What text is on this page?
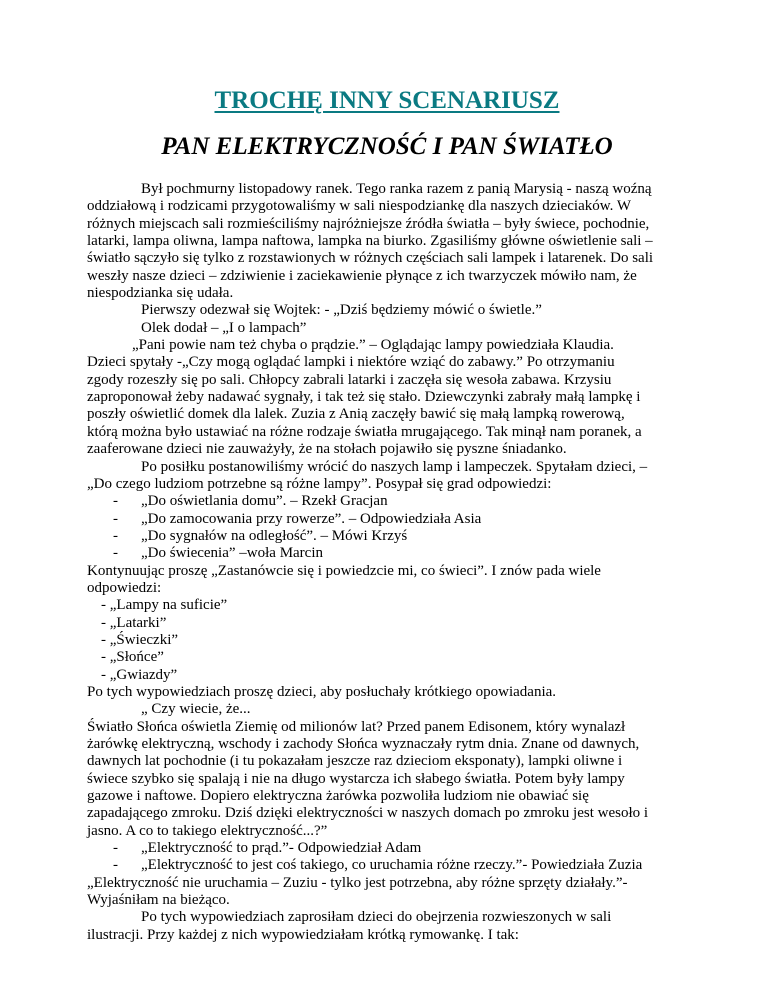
TROCHĘ INNY SCENARIUSZ
PAN ELEKTRYCZNOŚĆ I PAN ŚWIATŁO
Był pochmurny listopadowy ranek. Tego ranka razem z panią Marysią - naszą woźną
oddziałową i rodzicami przygotowaliśmy w sali niespodziankę dla naszych dzieciaków. W
różnych miejscach sali rozmieściliśmy najróżniejsze źródła światła – były świece, pochodnie,
latarki, lampa oliwna, lampa naftowa, lampka na biurko. Zgasiliśmy główne oświetlenie sali –
światło sączyło się tylko z rozstawionych w różnych częściach sali lampek i latarenek. Do sali
weszły nasze dzieci – zdziwienie i zaciekawienie płynące z ich twarzyczek mówiło nam, że
niespodzianka się udała.
Pierwszy odezwał się Wojtek: - „Dziś będziemy mówić o świetle.”
Olek dodał – „I o lampach”
„Pani powie nam też chyba o prądzie.” – Oglądając lampy powiedziała Klaudia.
Dzieci spytały -„Czy mogą oglądać lampki i niektóre wziąć do zabawy.” Po otrzymaniu
zgody rozeszły się po sali. Chłopcy zabrali latarki i zaczęła się wesoła zabawa. Krzysiu
zaproponował żeby nadawać sygnały, i tak też się stało. Dziewczynki zabrały małą lampkę i
poszły oświetlić domek dla lalek. Zuzia z Anią zaczęły bawić się małą lampką rowerową,
którą można było ustawiać na różne rodzaje światła mrugającego. Tak minął nam poranek, a
zaaferowane dzieci nie zauważyły, że na stołach pojawiło się pyszne śniadanko.
Po posiłku postanowiliśmy wrócić do naszych lamp i lampeczek. Spytałam dzieci, –
„Do czego ludziom potrzebne są różne lampy”. Posypał się grad odpowiedzi:
- „Do oświetlania domu”. – Rzekł Gracjan
- „Do zamocowania przy rowerze”. – Odpowiedziała Asia
- „Do sygnałów na odległość”. – Mówi Krzyś
- „Do świecenia” –woła Marcin
Kontynuując proszę „Zastanówcie się i powiedzcie mi, co świeci”. I znów pada wiele
odpowiedzi:
- „Lampy na suficie”
- „Latarki”
- „Świeczki”
- „Słońce”
- „Gwiazdy”
Po tych wypowiedziach proszę dzieci, aby posłuchały krótkiego opowiadania.
„ Czy wiecie, że...
Światło Słońca oświetla Ziemię od milionów lat? Przed panem Edisonem, który wynalazł
żarówkę elektryczną, wschody i zachody Słońca wyznaczały rytm dnia. Znane od dawnych,
dawnych lat pochodnie (i tu pokazałam jeszcze raz dzieciom eksponaty), lampki oliwne i
świece szybko się spalają i nie na długo wystarcza ich słabego światła. Potem były lampy
gazowe i naftowe. Dopiero elektryczna żarówka pozwoliła ludziom nie obawiać się
zapadającego zmroku. Dziś dzięki elektryczności w naszych domach po zmroku jest wesoło i
jasno. A co to takiego elektryczność...?”
- „Elektryczność to prąd.”- Odpowiedział Adam
- „Elektryczność to jest coś takiego, co uruchamia różne rzeczy.”- Powiedziała Zuzia
„Elektryczność nie uruchamia – Zuziu - tylko jest potrzebna, aby różne sprzęty działały.”-
Wyjaśniłam na bieżąco.
Po tych wypowiedziach zaprosiłam dzieci do obejrzenia rozwieszonych w sali
ilustracji. Przy każdej z nich wypowiedziałam krótką rymowankę. I tak:
